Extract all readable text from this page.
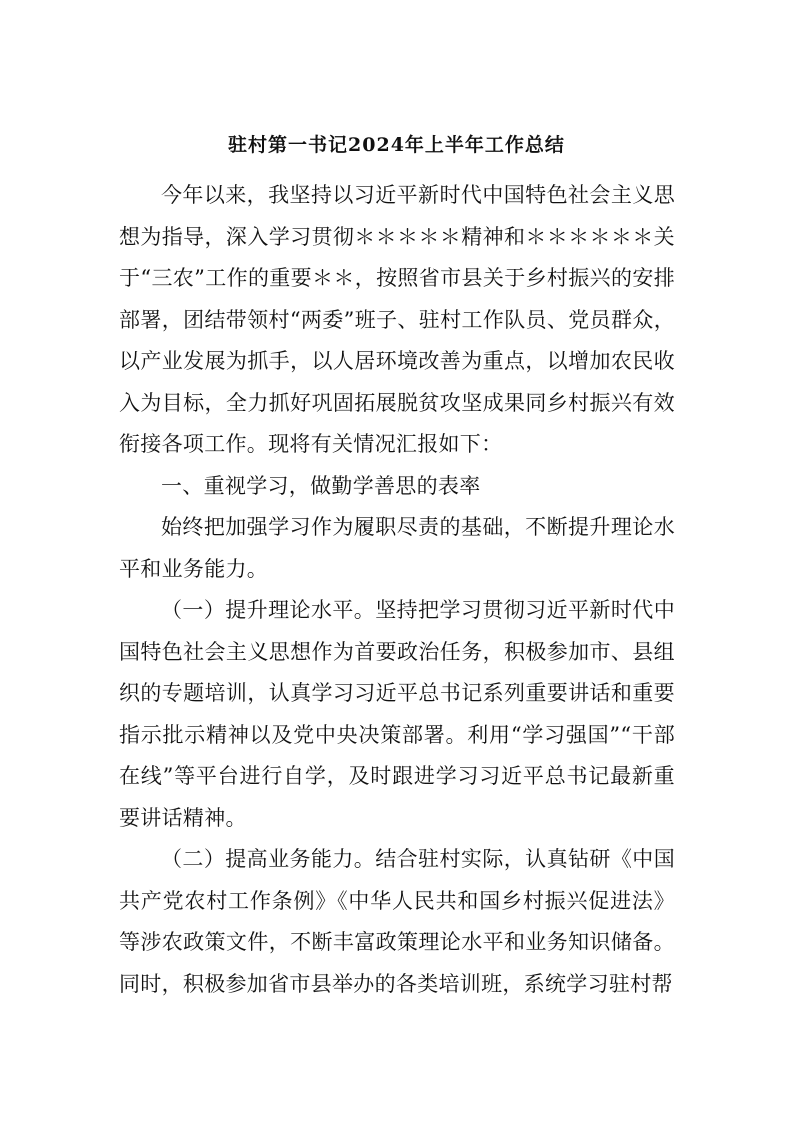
驻村第一书记2024年上半年工作总结

今年以来，我坚持以习近平新时代中国特色社会主义思想为指导，深入学习贯彻＊＊＊＊＊精神和＊＊＊＊＊＊关于“三农”工作的重要＊＊，按照省市县关于乡村振兴的安排部署，团结带领村“两委”班子、驻村工作队员、党员群众，以产业发展为抓手，以人居环境改善为重点，以增加农民收入为目标，全力抓好巩固拓展脱贫攻坚成果同乡村振兴有效衔接各项工作。现将有关情况汇报如下：

一、重视学习，做勤学善思的表率

始终把加强学习作为履职尽责的基础，不断提升理论水平和业务能力。

（一）提升理论水平。坚持把学习贯彻习近平新时代中国特色社会主义思想作为首要政治任务，积极参加市、县组织的专题培训，认真学习习近平总书记系列重要讲话和重要指示批示精神以及党中央决策部署。利用“学习强国”“干部在线”等平台进行自学，及时跟进学习习近平总书记最新重要讲话精神。

（二）提高业务能力。结合驻村实际，认真钻研《中国共产党农村工作条例》《中华人民共和国乡村振兴促进法》等涉农政策文件，不断丰富政策理论水平和业务知识储备。同时，积极参加省市县举办的各类培训班，系统学习驻村帮
